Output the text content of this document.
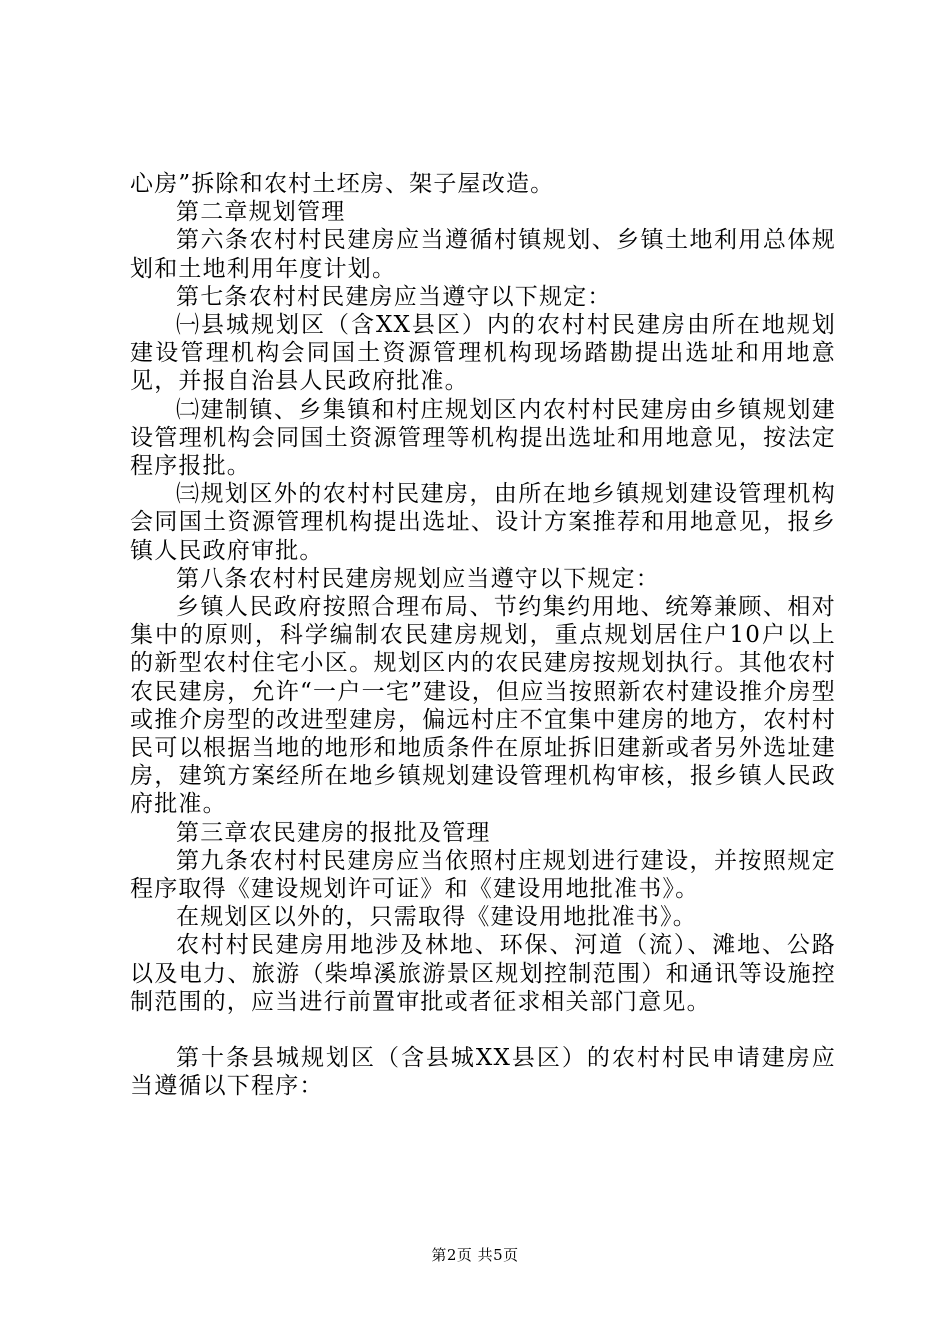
心房”拆除和农村土坯房、架子屋改造。

第二章规划管理

第六条农村村民建房应当遵循村镇规划、乡镇土地利用总体规划和土地利用年度计划。

第七条农村村民建房应当遵守以下规定：

㈠县城规划区（含XX县区）内的农村村民建房由所在地规划建设管理机构会同国土资源管理机构现场踏勘提出选址和用地意见，并报自治县人民政府批准。

㈡建制镇、乡集镇和村庄规划区内农村村民建房由乡镇规划建设管理机构会同国土资源管理等机构提出选址和用地意见，按法定程序报批。

㈢规划区外的农村村民建房，由所在地乡镇规划建设管理机构会同国土资源管理机构提出选址、设计方案推荐和用地意见，报乡镇人民政府审批。

第八条农村村民建房规划应当遵守以下规定：

乡镇人民政府按照合理布局、节约集约用地、统筹兼顾、相对集中的原则，科学编制农民建房规划，重点规划居住户10户以上的新型农村住宅小区。规划区内的农民建房按规划执行。其他农村农民建房，允许“一户一宅”建设，但应当按照新农村建设推介房型或推介房型的改进型建房，偏远村庄不宜集中建房的地方，农村村民可以根据当地的地形和地质条件在原址拆旧建新或者另外选址建房，建筑方案经所在地乡镇规划建设管理机构审核，报乡镇人民政府批准。

第三章农民建房的报批及管理

第九条农村村民建房应当依照村庄规划进行建设，并按照规定程序取得《建设规划许可证》和《建设用地批准书》。

在规划区以外的，只需取得《建设用地批准书》。

农村村民建房用地涉及林地、环保、河道（流）、滩地、公路以及电力、旅游（柴埠溪旅游景区规划控制范围）和通讯等设施控制范围的，应当进行前置审批或者征求相关部门意见。

第十条县城规划区（含县城XX县区）的农村村民申请建房应当遵循以下程序：

第2页 共5页
